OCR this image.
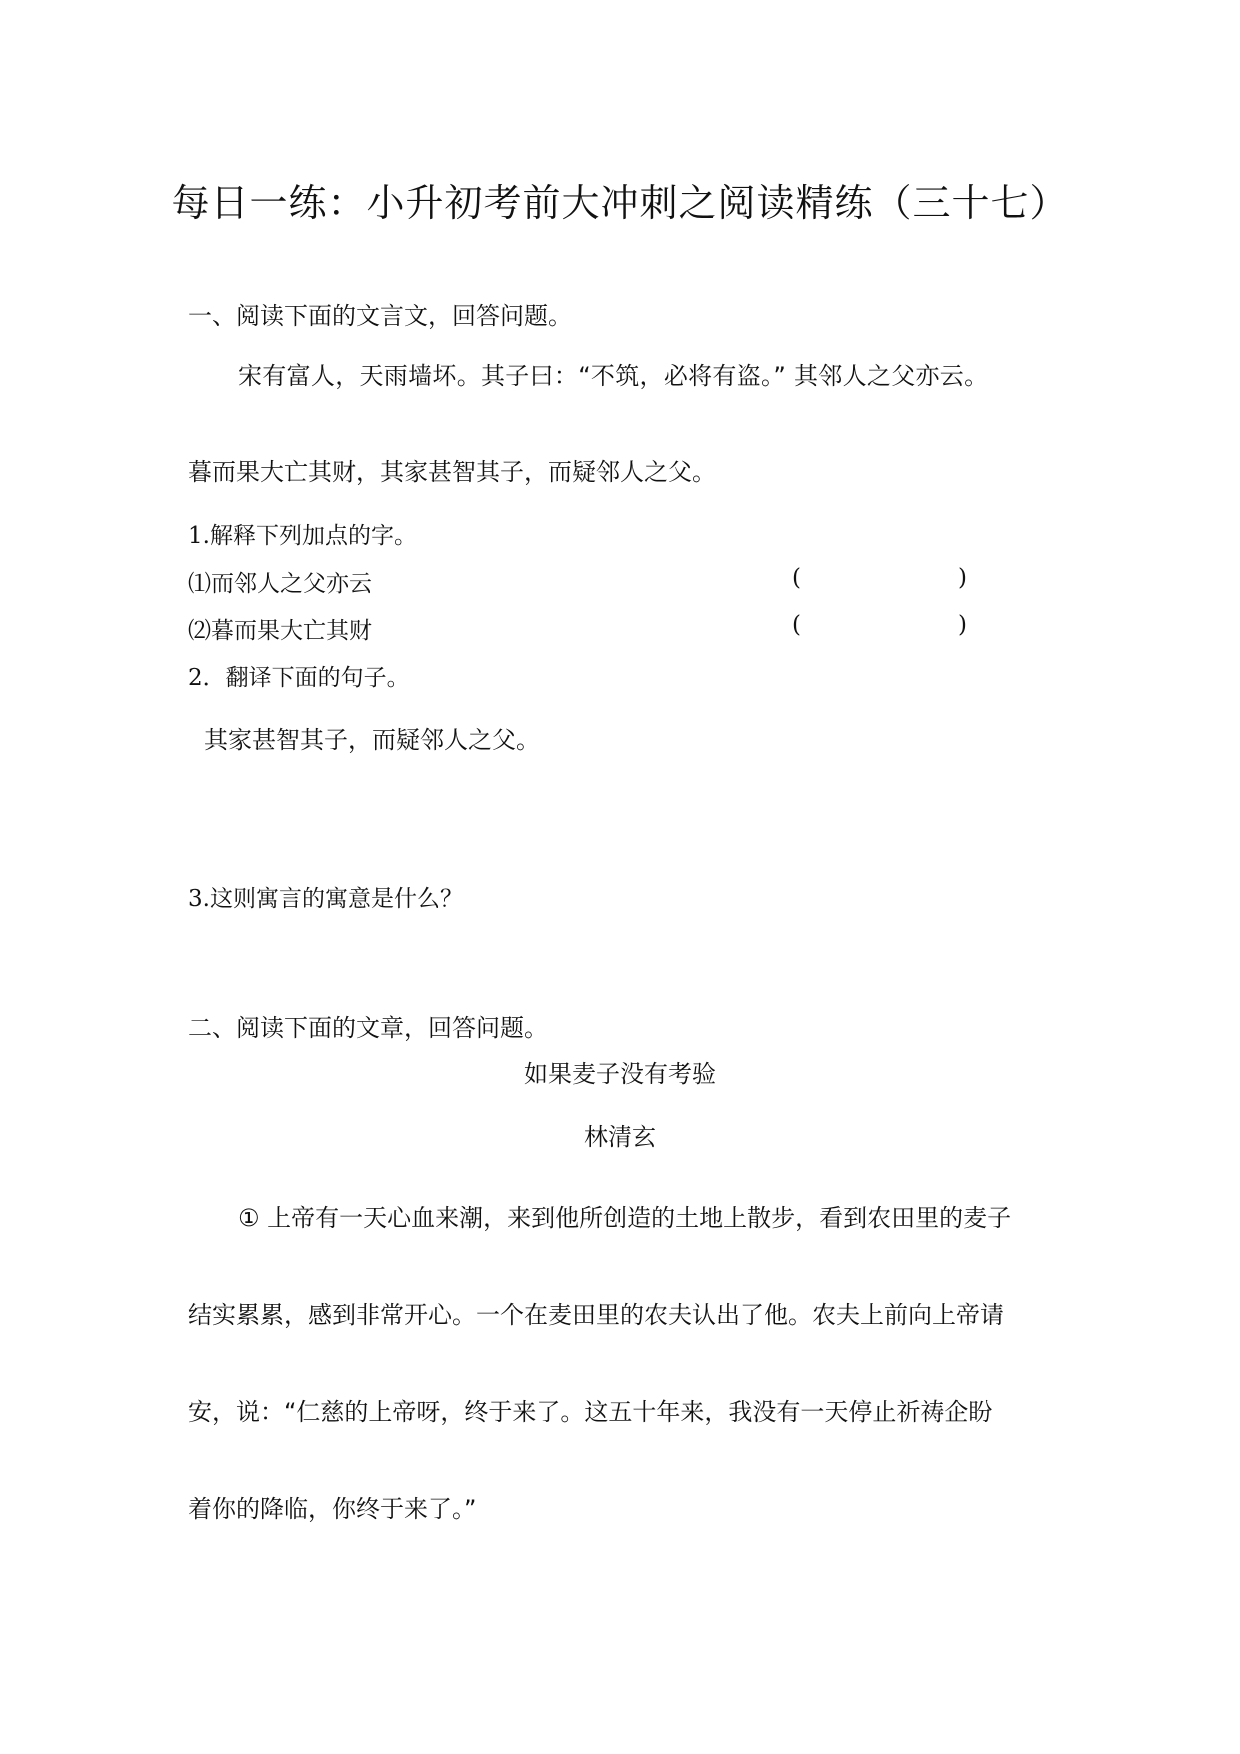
每日一练：小升初考前大冲刺之阅读精练（三十七）
一、阅读下面的文言文，回答问题。
宋有富人，天雨墙坏。其子曰：“不筑，必将有盗。” 其邻人之父亦云。
暮而果大亡其财，其家甚智其子，而疑邻人之父。
1.解释下列加点的字。
⑴而邻人之父亦云	(	)
⑵暮而果大亡其财	(	)
2．翻译下面的句子。
其家甚智其子，而疑邻人之父。
3.这则寓言的寓意是什么？
二、阅读下面的文章，回答问题。
如果麦子没有考验
林清玄
① 上帝有一天心血来潮，来到他所创造的土地上散步，看到农田里的麦子
结实累累，感到非常开心。一个在麦田里的农夫认出了他。农夫上前向上帝请
安，说：“仁慈的上帝呀，终于来了。这五十年来，我没有一天停止祈祷企盼
着你的降临，你终于来了。”
